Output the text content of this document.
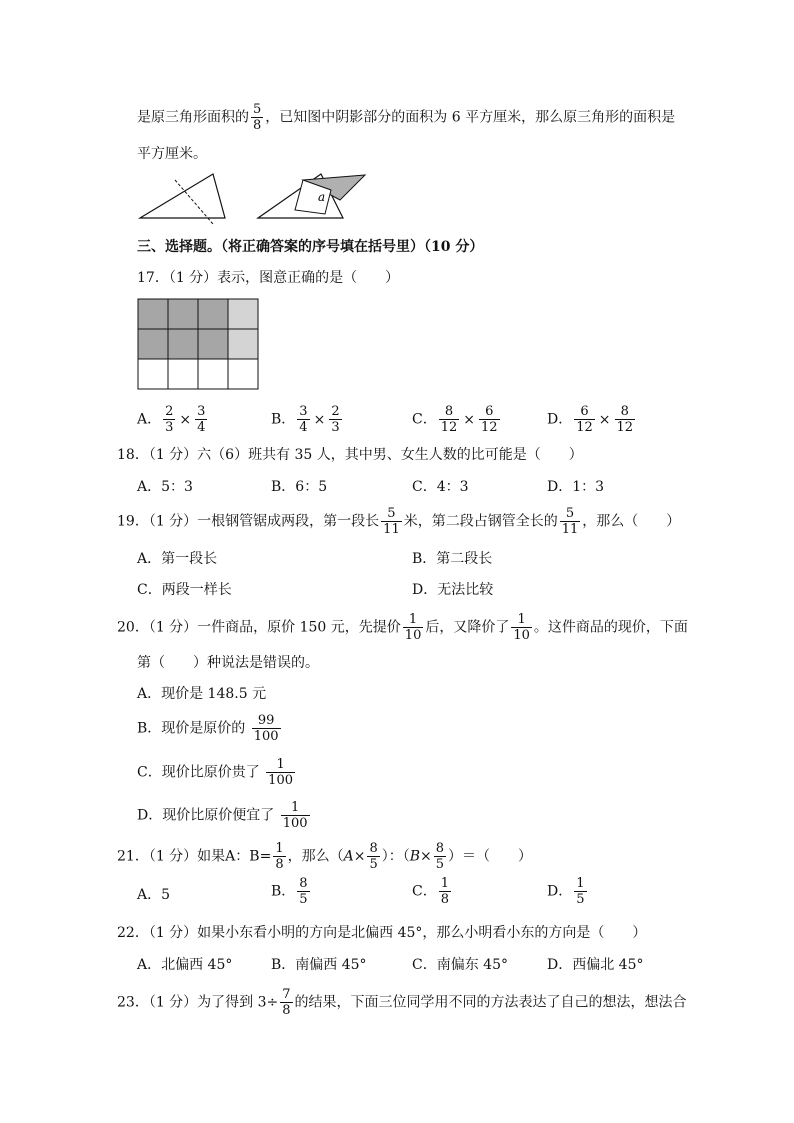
是原三角形面积的 $\frac{5}{8}$ ，已知图中阴影部分的面积为 6 平方厘米，那么原三角形的面积是
平方厘米。
a
三、选择题。（将正确答案的序号填在括号里）（10 分）
17．（1 分）表示，图意正确的是（　　）
A． $\frac{2}{3} \times \frac{3}{4}$	B． $\frac{3}{4} \times \frac{2}{3}$	C． $\frac{8}{12} \times \frac{6}{12}$	D． $\frac{6}{12} \times \frac{8}{12}$
18．（1 分）六（6）班共有 35 人，其中男、女生人数的比可能是（　　）
A．5：3	B．6：5	C．4：3	D．1：3
19．（1 分）一根钢管锯成两段，第一段长 $\frac{5}{11}$ 米，第二段占钢管全长的 $\frac{5}{11}$ ，那么（　　）
A．第一段长	B．第二段长
C．两段一样长	D．无法比较
20．（1 分）一件商品，原价 150 元，先提价 $\frac{1}{10}$ 后，又降价了 $\frac{1}{10}$ 。这件商品的现价，下面
第（　　）种说法是错误的。
A．现价是 148.5 元
B．现价是原价的 $\frac{99}{100}$
C．现价比原价贵了 $\frac{1}{100}$
D．现价比原价便宜了 $\frac{1}{100}$
21．（1 分）如果A：$B= \frac{1}{8}$ ，那么（$A\times \frac{8}{5}$ ）：（$B\times \frac{8}{5}$ ）＝（　　）
A．5	B． $\frac{8}{5}$	C． $\frac{1}{8}$	D． $\frac{1}{5}$
22．（1 分）如果小东看小明的方向是北偏西 45°，那么小明看小东的方向是（　　）
A．北偏西 45°	B．南偏西 45°	C．南偏东 45°	D．西偏北 45°
23．（1 分）为了得到 $3\div \frac{7}{8}$ 的结果，下面三位同学用不同的方法表达了自己的想法，想法合
